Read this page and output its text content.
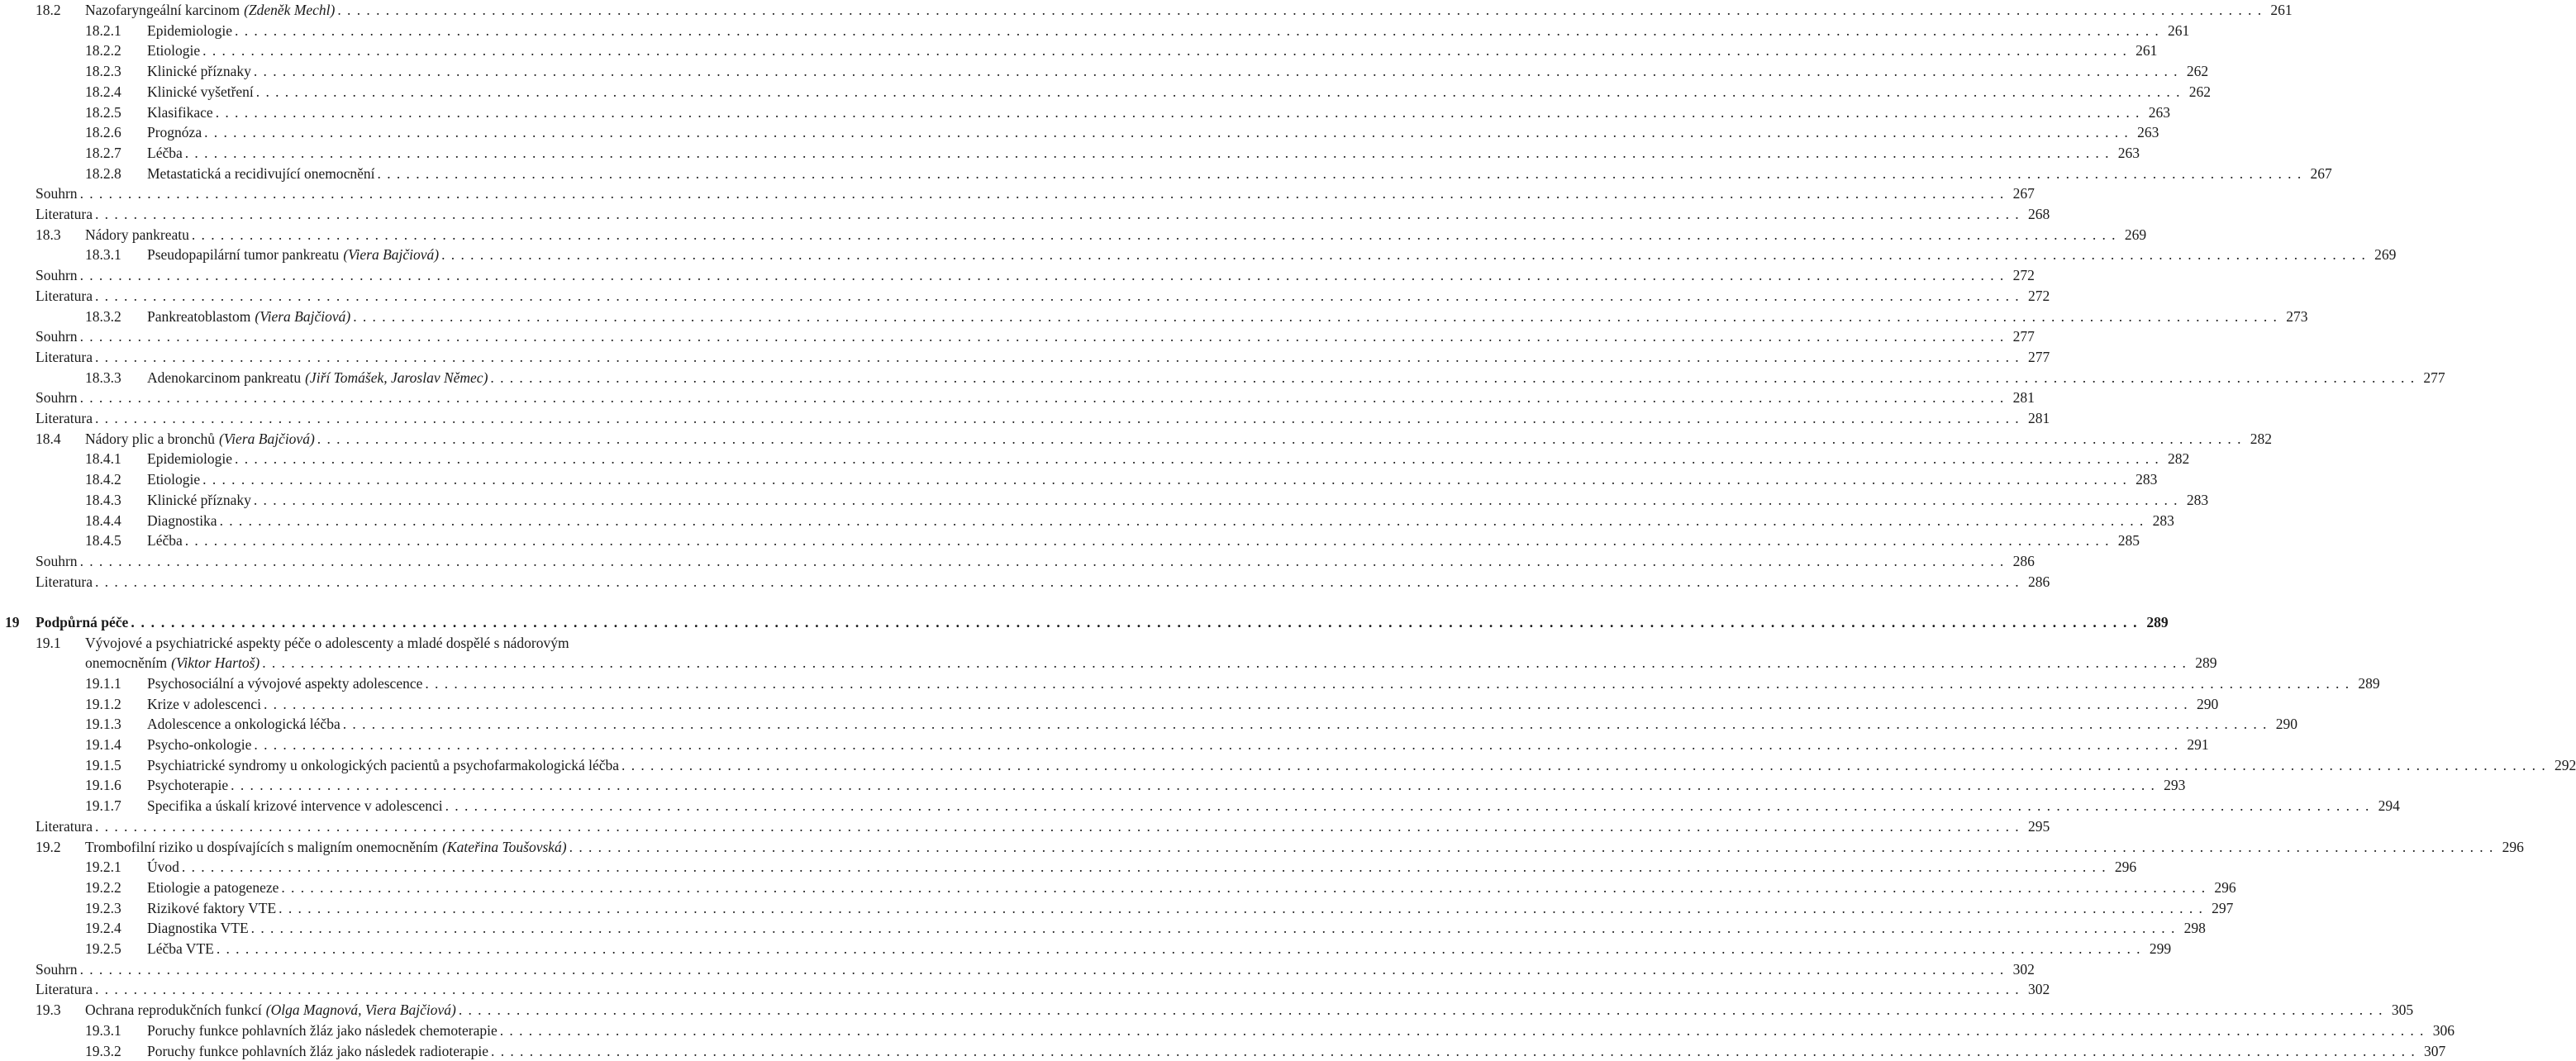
18.2 Nazofaryngeální karcinom (Zdeněk Mechl) ........................................................................................................................................................................................................ 261
18.2.1 Epidemiologie ........................................................................................................................................................................................................ 261
18.2.2 Etiologie ........................................................................................................................................................................................................ 261
18.2.3 Klinické příznaky ........................................................................................................................................................................................................ 262
18.2.4 Klinické vyšetření ........................................................................................................................................................................................................ 262
18.2.5 Klasifikace ........................................................................................................................................................................................................ 263
18.2.6 Prognóza ........................................................................................................................................................................................................ 263
18.2.7 Léčba ........................................................................................................................................................................................................ 263
18.2.8 Metastatická a recidivující onemocnění ........................................................................................................................................................................................................ 267
Souhrn ........................................................................................................................................................................................................ 267
Literatura ........................................................................................................................................................................................................ 268
18.3 Nádory pankreatu ........................................................................................................................................................................................................ 269
18.3.1 Pseudopapilární tumor pankreatu (Viera Bajčiová) ........................................................................................................................................................................................................ 269
Souhrn ........................................................................................................................................................................................................ 272
Literatura ........................................................................................................................................................................................................ 272
18.3.2 Pankreatoblastom (Viera Bajčiová) ........................................................................................................................................................................................................ 273
Souhrn ........................................................................................................................................................................................................ 277
Literatura ........................................................................................................................................................................................................ 277
18.3.3 Adenokarcinom pankreatu (Jiří Tomášek, Jaroslav Němec) ........................................................................................................................................................................................................ 277
Souhrn ........................................................................................................................................................................................................ 281
Literatura ........................................................................................................................................................................................................ 281
18.4 Nádory plic a bronchů (Viera Bajčiová) ........................................................................................................................................................................................................ 282
18.4.1 Epidemiologie ........................................................................................................................................................................................................ 282
18.4.2 Etiologie ........................................................................................................................................................................................................ 283
18.4.3 Klinické příznaky ........................................................................................................................................................................................................ 283
18.4.4 Diagnostika ........................................................................................................................................................................................................ 283
18.4.5 Léčba ........................................................................................................................................................................................................ 285
Souhrn ........................................................................................................................................................................................................ 286
Literatura ........................................................................................................................................................................................................ 286
19 Podpůrná péče ........................................................................................................................................................................................................ 289
19.1 Vývojové a psychiatrické aspekty péče o adolescenty a mladé dospělé s nádorovým
onemocněním (Viktor Hartoš) ........................................................................................................................................................................................................ 289
19.1.1 Psychosociální a vývojové aspekty adolescence ........................................................................................................................................................................................................ 289
19.1.2 Krize v adolescenci ........................................................................................................................................................................................................ 290
19.1.3 Adolescence a onkologická léčba ........................................................................................................................................................................................................ 290
19.1.4 Psycho-onkologie ........................................................................................................................................................................................................ 291
19.1.5 Psychiatrické syndromy u onkologických pacientů a psychofarmakologická léčba ........................................................................................................................................................................................................ 292
19.1.6 Psychoterapie ........................................................................................................................................................................................................ 293
19.1.7 Specifika a úskalí krizové intervence v adolescenci ........................................................................................................................................................................................................ 294
Literatura ........................................................................................................................................................................................................ 295
19.2 Trombofilní riziko u dospívajících s maligním onemocněním (Kateřina Toušovská) ........................................................................................................................................................................................................ 296
19.2.1 Úvod ........................................................................................................................................................................................................ 296
19.2.2 Etiologie a patogeneze ........................................................................................................................................................................................................ 296
19.2.3 Rizikové faktory VTE ........................................................................................................................................................................................................ 297
19.2.4 Diagnostika VTE ........................................................................................................................................................................................................ 298
19.2.5 Léčba VTE ........................................................................................................................................................................................................ 299
Souhrn ........................................................................................................................................................................................................ 302
Literatura ........................................................................................................................................................................................................ 302
19.3 Ochrana reprodukčních funkcí (Olga Magnová, Viera Bajčiová) ........................................................................................................................................................................................................ 305
19.3.1 Poruchy funkce pohlavních žláz jako následek chemoterapie ........................................................................................................................................................................................................ 306
19.3.2 Poruchy funkce pohlavních žláz jako následek radioterapie ........................................................................................................................................................................................................ 307
